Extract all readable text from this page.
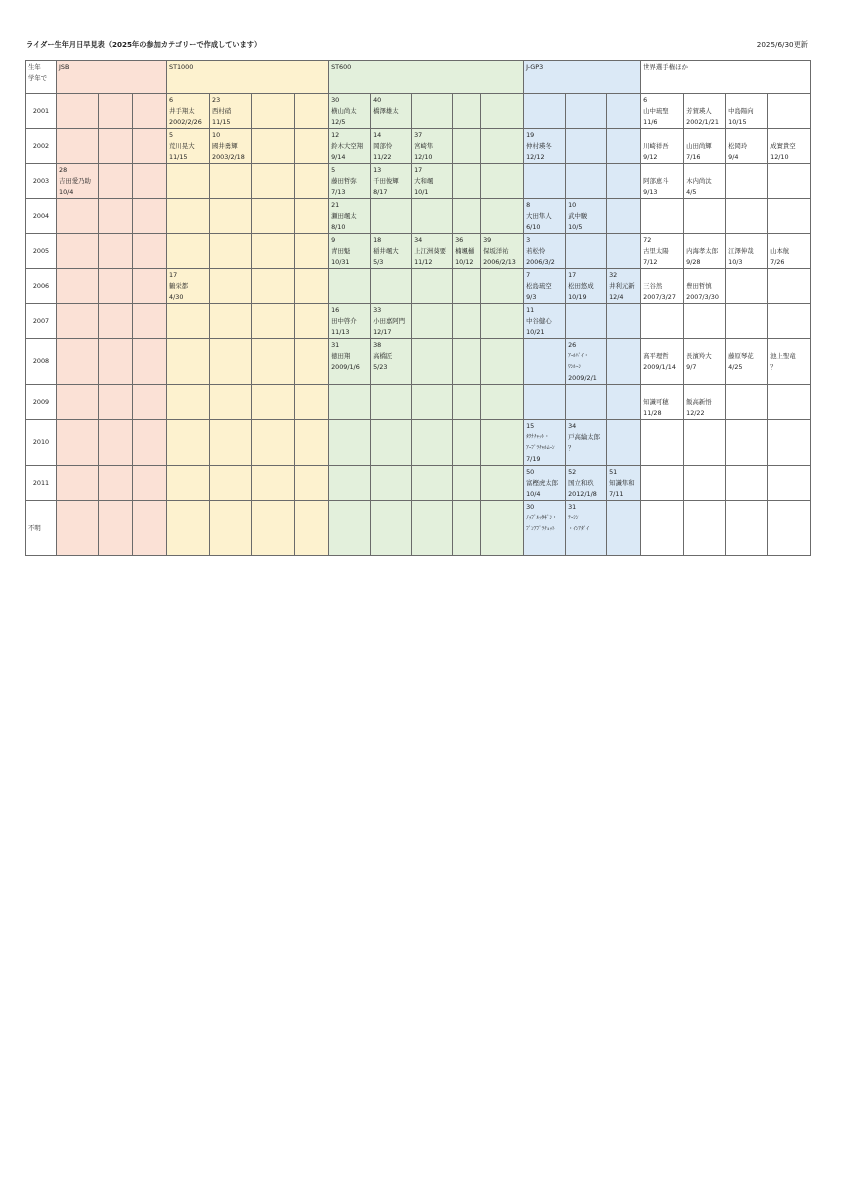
ライダー生年月日早見表（2025年の参加カテゴリーで作成しています）	2025/6/30更新
生年
学年で	JSB			ST1000				ST600					J-GP3			世界選手権ほか			
2001				6
井手翔太
2002/2/26	23
西村硝
11/15			30
横山尚太
12/5	40
橋澤雄太							6
山中琉聖
11/6	芳賀瑛人
2002/1/21	中島陽向
10/15	

2002				5
荒川晃大
11/15	10
國井勇輝
2003/2/18			12
鈴木大空翔
9/14	14
岡部怜
11/22	37
宮崎隼
12/10			19
仲村瑛冬
12/12			川崎祥吾
9/12	山田尚輝
7/16	松岡玲
9/4	成實貴空
12/10

2003	28
吉田愛乃助
10/4							5
藤田哲弥
7/13	13
千田俊輝
8/17	17
大和颯
10/1						阿部恵斗
9/13	木内尚汰
4/5		

2004								21
瀬田颯太
8/10					8
大田隼人
6/10	10
武中駿
10/5					

2005								9
青田魁
10/31	18
稲井颯大
5/3	34
上江洲葵要
11/12	36
楠颯樋
10/12	39
保坂洋祐
2006/2/13	3
若松怜
2006/3/2			72
古里太陽
7/12	内海孝太郎
9/28	江澤伸哉
10/3	山本航
7/26

2006				17
鶴栄都
4/30									7
松島琉空
9/3	17
松田悠成
10/19	32
井利元新
12/4	三谷然
2007/3/27	豊田哲慎
2007/3/30		

2007								16
田中啓介
11/13	33
小田嘉阿門
12/17				11
中谷健心
10/21						

2008								31
徳田翔
2009/1/6	38
高橋匠
5/23					26
ｱｰﾙﾊﾞｲ・
ﾜﾝﾙｰﾝ
2009/2/1		髙平理哲
2009/1/14	長濱羚大
9/7	藤原琴花
4/25	池上聖竜
？

2009																知識可穂
11/28	飯高新悟
12/22		

2010													15
ﾀｸﾅﾁｬｯﾄ・
ｱｰﾌﾟﾗﾁｬﾙﾑｰﾝ
7/19	34
戸高綸太郎
？					

2011													50
富樫虎太郎
10/4	52
国立和玖
2012/1/8	51
知識隼和
7/11				

不明													30
ﾉｯﾌﾟﾙｯﾀｷﾞﾝ・
ﾌﾟﾝｱﾌﾟﾗﾁｪｯﾄ	31
ﾃｰｼﾝ
・ｲﾝｱﾀﾞｲ					
